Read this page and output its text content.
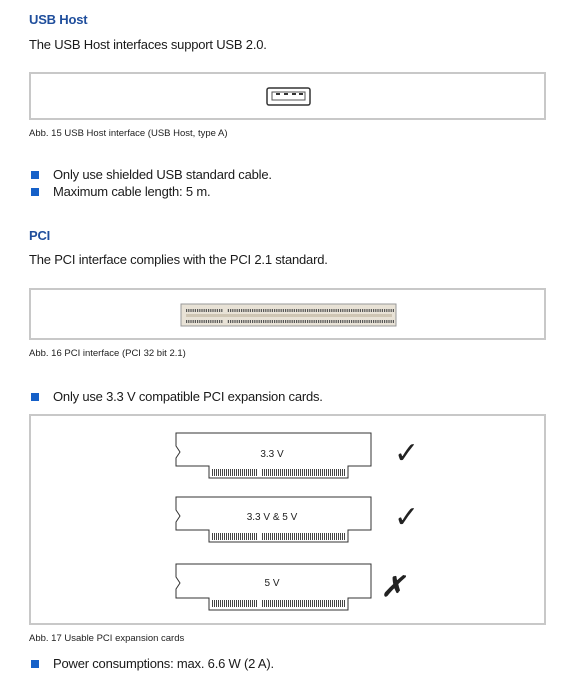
USB Host
The USB Host interfaces support USB 2.0.
Abb. 15 USB Host interface (USB Host, type A)
Only use shielded USB standard cable.
Maximum cable length: 5 m.
PCI
The PCI interface complies with the PCI 2.1 standard.
Abb. 16 PCI interface (PCI 32 bit 2.1)
Only use 3.3 V compatible PCI expansion cards.
3.3 V	✓
3.3 V & 5 V	✓
5 V	✗
Abb. 17 Usable PCI expansion cards
Power consumptions: max. 6.6 W (2 A).
